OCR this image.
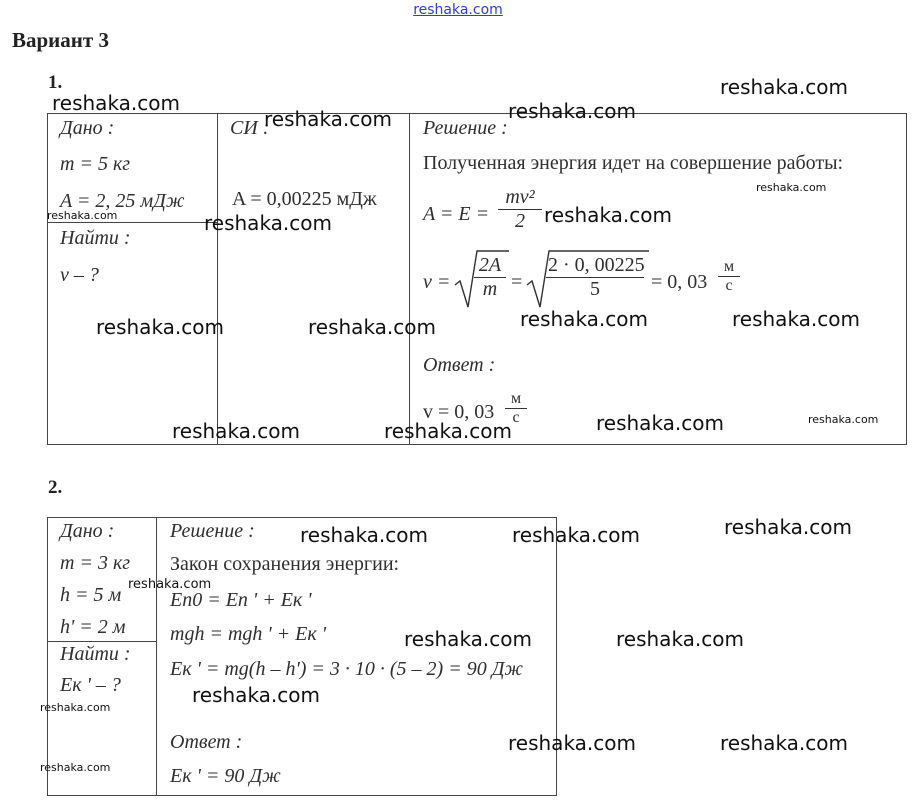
reshaka.com
Вариант 3
1.
Дано :
m = 5 кг
A = 2, 25 мДж
Найти :
v – ?
СИ :
A = 0,00225 мДж
Решение :
Полученная энергия идет на совершение работы:
$A = E = \frac{\text{mv²}}{2}$
$v = \frac{2A}{m} = \frac{2 \cdot 0, 00225}{5} = 0$, 03
м
с
Ответ :
v = 0, 03
м
с
2.
Дано :
m = 3 кг
h = 5 м
h' = 2 м
Найти :
Eк ' – ?
Решение :
Закон сохранения энергии:
Eп0 = Eп ' + Eк '
mgh = mgh ' + Eк '
Eк ' = mg(h – h') = 3 · 10 · (5 – 2) = 90 Дж
Ответ :
Eк ' = 90 Дж
reshaka.com
reshaka.com	reshaka.com
reshaka.com
reshaka.com
reshaka.com
reshaka.com	reshaka.com
reshaka.com	reshaka.com
reshaka.com	reshaka.com
reshaka.com	reshaka.com
reshaka.com	reshaka.com
reshaka.com
reshaka.com	reshaka.com
reshaka.com
reshaka.com	reshaka.com
reshaka.com
reshaka.com
reshaka.com	reshaka.com
reshaka.com
